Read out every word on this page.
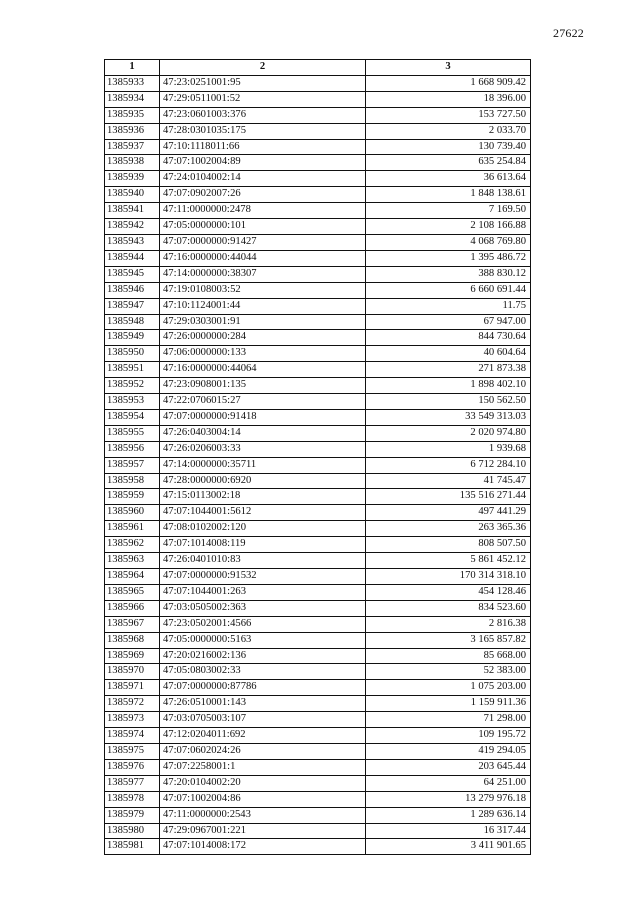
27622
1	2	3
1385933	47:23:0251001:95	1 668 909.42
1385934	47:29:0511001:52	18 396.00
1385935	47:23:0601003:376	153 727.50
1385936	47:28:0301035:175	2 033.70
1385937	47:10:1118011:66	130 739.40
1385938	47:07:1002004:89	635 254.84
1385939	47:24:0104002:14	36 613.64
1385940	47:07:0902007:26	1 848 138.61
1385941	47:11:0000000:2478	7 169.50
1385942	47:05:0000000:101	2 108 166.88
1385943	47:07:0000000:91427	4 068 769.80
1385944	47:16:0000000:44044	1 395 486.72
1385945	47:14:0000000:38307	388 830.12
1385946	47:19:0108003:52	6 660 691.44
1385947	47:10:1124001:44	11.75
1385948	47:29:0303001:91	67 947.00
1385949	47:26:0000000:284	844 730.64
1385950	47:06:0000000:133	40 604.64
1385951	47:16:0000000:44064	271 873.38
1385952	47:23:0908001:135	1 898 402.10
1385953	47:22:0706015:27	150 562.50
1385954	47:07:0000000:91418	33 549 313.03
1385955	47:26:0403004:14	2 020 974.80
1385956	47:26:0206003:33	1 939.68
1385957	47:14:0000000:35711	6 712 284.10
1385958	47:28:0000000:6920	41 745.47
1385959	47:15:0113002:18	135 516 271.44
1385960	47:07:1044001:5612	497 441.29
1385961	47:08:0102002:120	263 365.36
1385962	47:07:1014008:119	808 507.50
1385963	47:26:0401010:83	5 861 452.12
1385964	47:07:0000000:91532	170 314 318.10
1385965	47:07:1044001:263	454 128.46
1385966	47:03:0505002:363	834 523.60
1385967	47:23:0502001:4566	2 816.38
1385968	47:05:0000000:5163	3 165 857.82
1385969	47:20:0216002:136	85 668.00
1385970	47:05:0803002:33	52 383.00
1385971	47:07:0000000:87786	1 075 203.00
1385972	47:26:0510001:143	1 159 911.36
1385973	47:03:0705003:107	71 298.00
1385974	47:12:0204011:692	109 195.72
1385975	47:07:0602024:26	419 294.05
1385976	47:07:2258001:1	203 645.44
1385977	47:20:0104002:20	64 251.00
1385978	47:07:1002004:86	13 279 976.18
1385979	47:11:0000000:2543	1 289 636.14
1385980	47:29:0967001:221	16 317.44
1385981	47:07:1014008:172	3 411 901.65
